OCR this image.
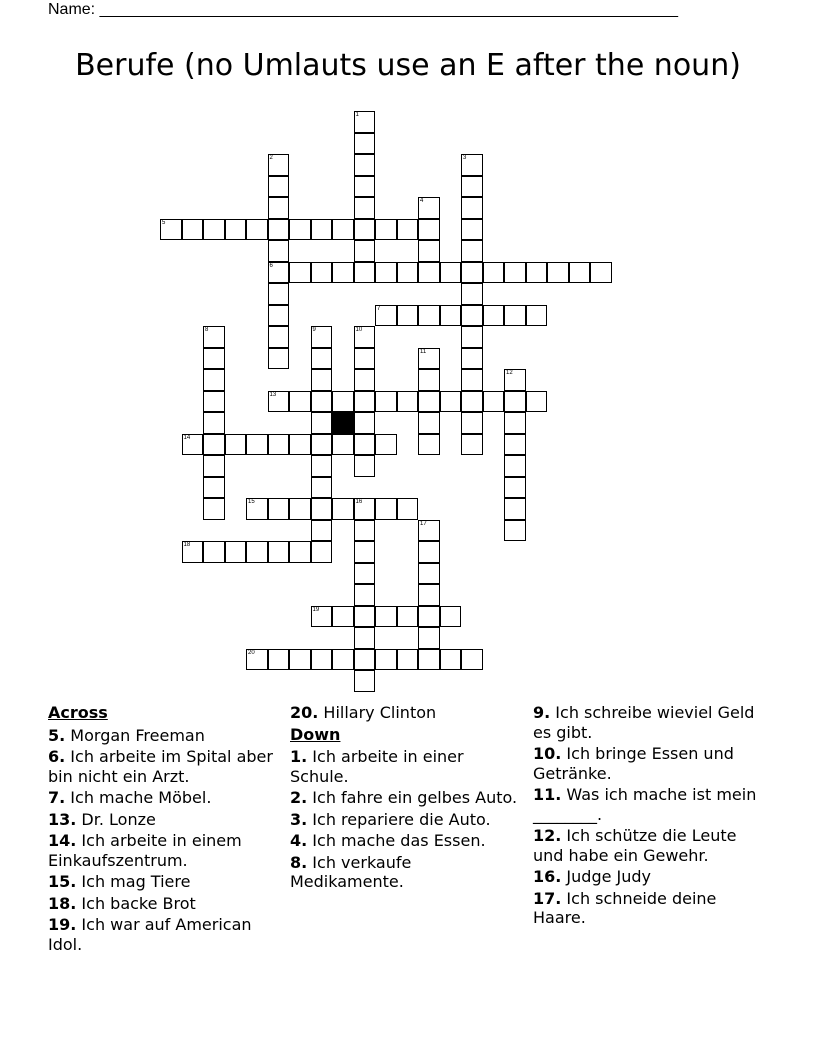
Name: _________________________________________________________________
Berufe (no Umlauts use an E after the noun)
1
2
6
3
4
5
7
8	9	10
11
12
13
14
15	16
17
18
19
20
Across
5. Morgan Freeman
6. Ich arbeite im Spital aber bin nicht ein Arzt.
7. Ich mache Möbel.
13. Dr. Lonze
14. Ich arbeite in einem Einkaufszentrum.
15. Ich mag Tiere
18. Ich backe Brot
19. Ich war auf American Idol.
20. Hillary Clinton
Down
1. Ich arbeite in einer Schule.
2. Ich fahre ein gelbes Auto.
3. Ich repariere die Auto.
4. Ich mache das Essen.
8. Ich verkaufe Medikamente.
9. Ich schreibe wieviel Geld es gibt.
10. Ich bringe Essen und Getränke.
11. Was ich mache ist mein ________.
12. Ich schütze die Leute und habe ein Gewehr.
16. Judge Judy
17. Ich schneide deine Haare.
